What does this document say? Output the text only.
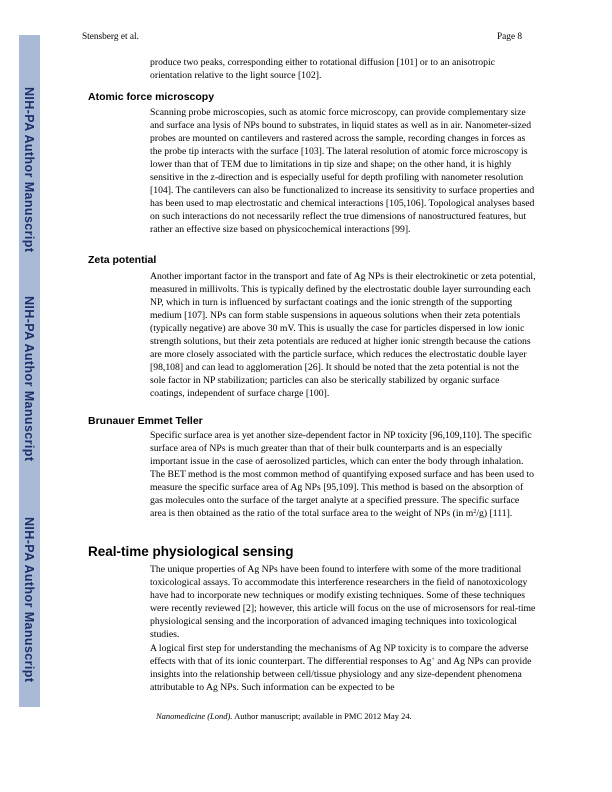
NIH-PA Author Manuscript
NIH-PA Author Manuscript
NIH-PA Author Manuscript
Stensberg et al.	Page 8
produce two peaks, corresponding either to rotational diffusion [101] or to an anisotropic orientation relative to the light source [102].
Atomic force microscopy
Scanning probe microscopies, such as atomic force microscopy, can provide complementary size and surface ana lysis of NPs bound to substrates, in liquid states as well as in air. Nanometer-sized probes are mounted on cantilevers and rastered across the sample, recording changes in forces as the probe tip interacts with the surface [103]. The lateral resolution of atomic force microscopy is lower than that of TEM due to limitations in tip size and shape; on the other hand, it is highly sensitive in the z-direction and is especially useful for depth profiling with nanometer resolution [104]. The cantilevers can also be functionalized to increase its sensitivity to surface properties and has been used to map electrostatic and chemical interactions [105,106]. Topological analyses based on such interactions do not necessarily reflect the true dimensions of nanostructured features, but rather an effective size based on physicochemical interactions [99].
Zeta potential
Another important factor in the transport and fate of Ag NPs is their electrokinetic or zeta potential, measured in millivolts. This is typically defined by the electrostatic double layer surrounding each NP, which in turn is influenced by surfactant coatings and the ionic strength of the supporting medium [107]. NPs can form stable suspensions in aqueous solutions when their zeta potentials (typically negative) are above 30 mV. This is usually the case for particles dispersed in low ionic strength solutions, but their zeta potentials are reduced at higher ionic strength because the cations are more closely associated with the particle surface, which reduces the electrostatic double layer [98,108] and can lead to agglomeration [26]. It should be noted that the zeta potential is not the sole factor in NP stabilization; particles can also be sterically stabilized by organic surface coatings, independent of surface charge [100].
Brunauer Emmet Teller
Specific surface area is yet another size-dependent factor in NP toxicity [96,109,110]. The specific surface area of NPs is much greater than that of their bulk counterparts and is an especially important issue in the case of aerosolized particles, which can enter the body through inhalation. The BET method is the most common method of quantifying exposed surface and has been used to measure the specific surface area of Ag NPs [95,109]. This method is based on the absorption of gas molecules onto the surface of the target analyte at a specified pressure. The specific surface area is then obtained as the ratio of the total surface area to the weight of NPs (in $m^2/g$) [111].
Real-time physiological sensing
The unique properties of Ag NPs have been found to interfere with some of the more traditional toxicological assays. To accommodate this interference researchers in the field of nanotoxicology have had to incorporate new techniques or modify existing techniques. Some of these techniques were recently reviewed [2]; however, this article will focus on the use of microsensors for real-time physiological sensing and the incorporation of advanced imaging techniques into toxicological studies.
A logical first step for understanding the mechanisms of Ag NP toxicity is to compare the adverse effects with that of its ionic counterpart. The differential responses to Ag+ and Ag NPs can provide insights into the relationship between cell/tissue physiology and any size-dependent phenomena attributable to Ag NPs. Such information can be expected to be
Nanomedicine (Lond). Author manuscript; available in PMC 2012 May 24.
